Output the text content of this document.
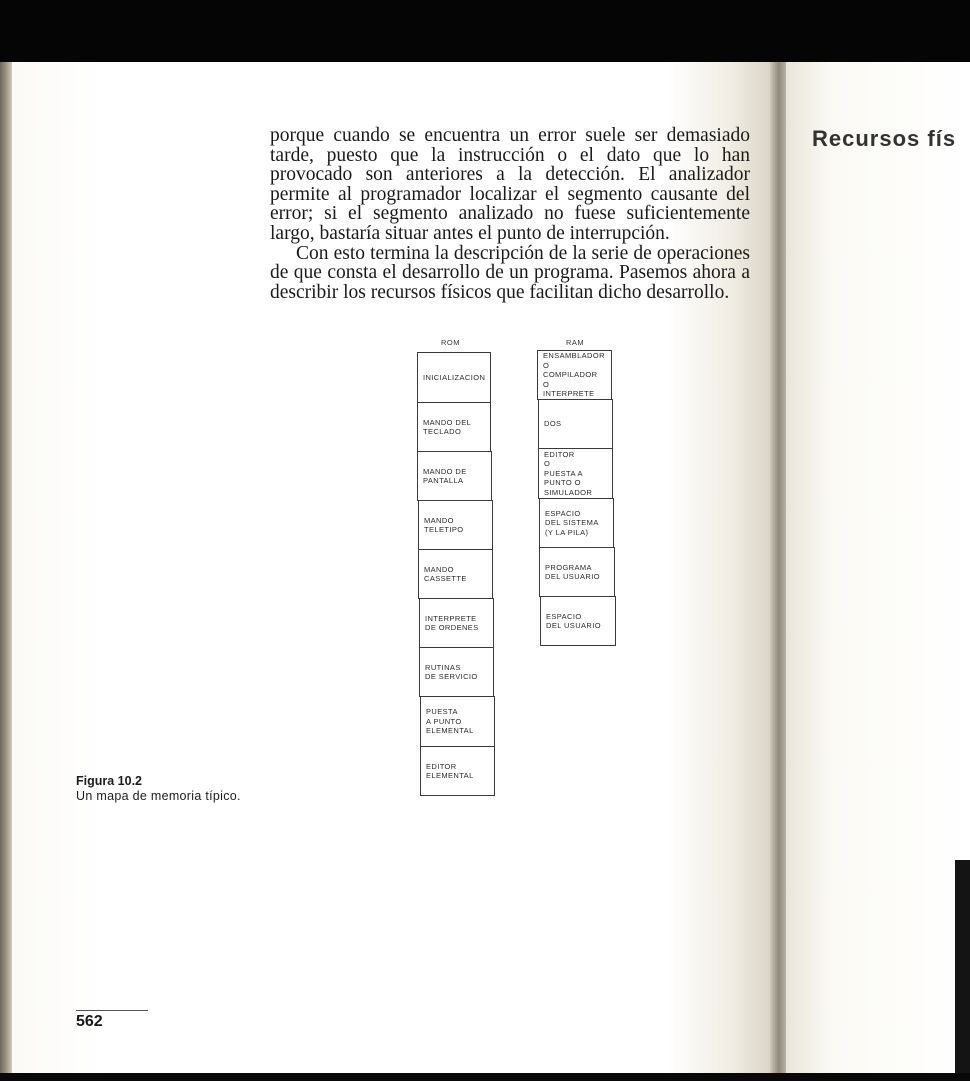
porque cuando se encuentra un error suele ser demasiado tarde, puesto que la instrucción o el dato que lo han provocado son anteriores a la detección. El analizador permite al programador localizar el segmento causante del error; si el segmento analizado no fuese suficientemente largo, bastaría situar antes el punto de interrupción.

Con esto termina la descripción de la serie de operaciones de que consta el desarrollo de un programa. Pasemos ahora a describir los recursos físicos que facilitan dicho desarrollo.

ROM
INICIALIZACION
MANDO DEL
TECLADO
MANDO DE
PANTALLA
MANDO
TELETIPO
MANDO
CASSETTE
INTERPRETE
DE ORDENES
RUTINAS
DE SERVICIO
PUESTA
A PUNTO
ELEMENTAL
EDITOR
ELEMENTAL
RAM
ENSAMBLADOR
O
COMPILADOR
O
INTERPRETE
DOS
EDITOR
O
PUESTA A
PUNTO O
SIMULADOR
ESPACIO
DEL SISTEMA
(Y LA PILA)
PROGRAMA
DEL USUARIO
ESPACIO
DEL USUARIO
Figura 10.2
Un mapa de memoria típico.
562
Recursos fís
